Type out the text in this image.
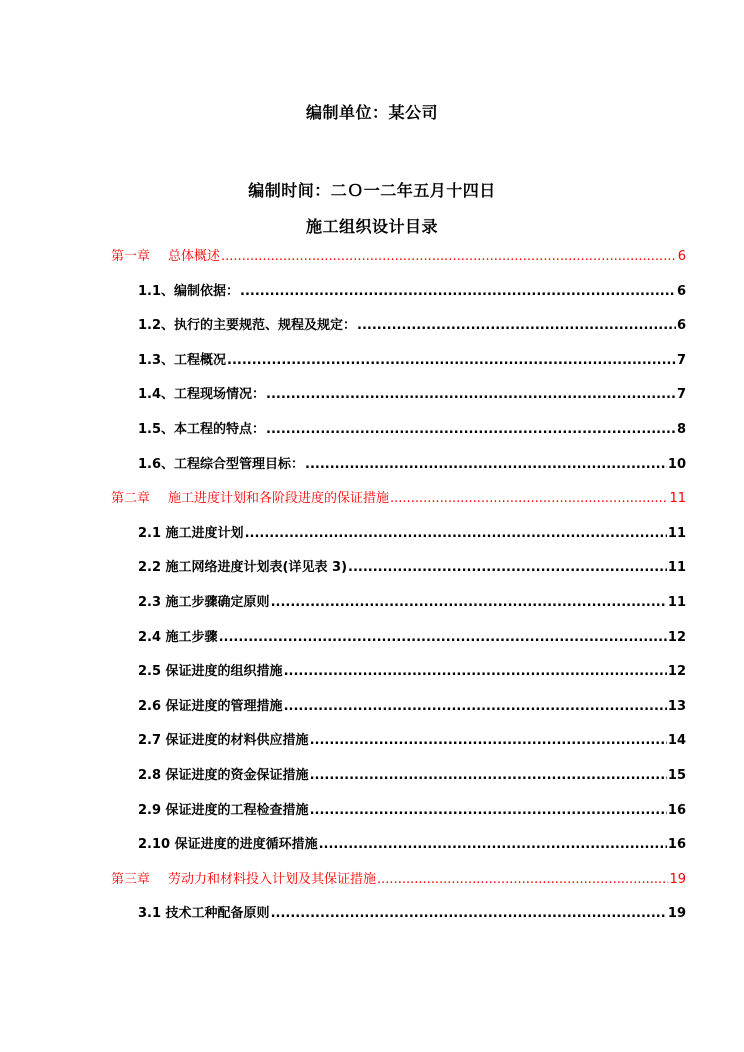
编制单位：某公司
编制时间：二Ｏ一二年五月十四日
施工组织设计目录
第一章 总体概述 .....	6
1.1、编制依据： .....	6
1.2、执行的主要规范、规程及规定： .....	6
1.3、工程概况 .....	7
1.4、工程现场情况： .....	7
1.5、本工程的特点： .....	8
1.6、工程综合型管理目标： .....	10
第二章 施工进度计划和各阶段进度的保证措施 .....	11
2.1 施工进度计划 .....	11
2.2 施工网络进度计划表(详见表 3) .....	11
2.3 施工步骤确定原则 .....	11
2.4 施工步骤 .....	12
2.5 保证进度的组织措施 .....	12
2.6 保证进度的管理措施 .....	13
2.7 保证进度的材料供应措施 .....	14
2.8 保证进度的资金保证措施 .....	15
2.9 保证进度的工程检查措施 .....	16
2.10 保证进度的进度循环措施 .....	16
第三章 劳动力和材料投入计划及其保证措施 .....	19
3.1 技术工种配备原则 .....	19
